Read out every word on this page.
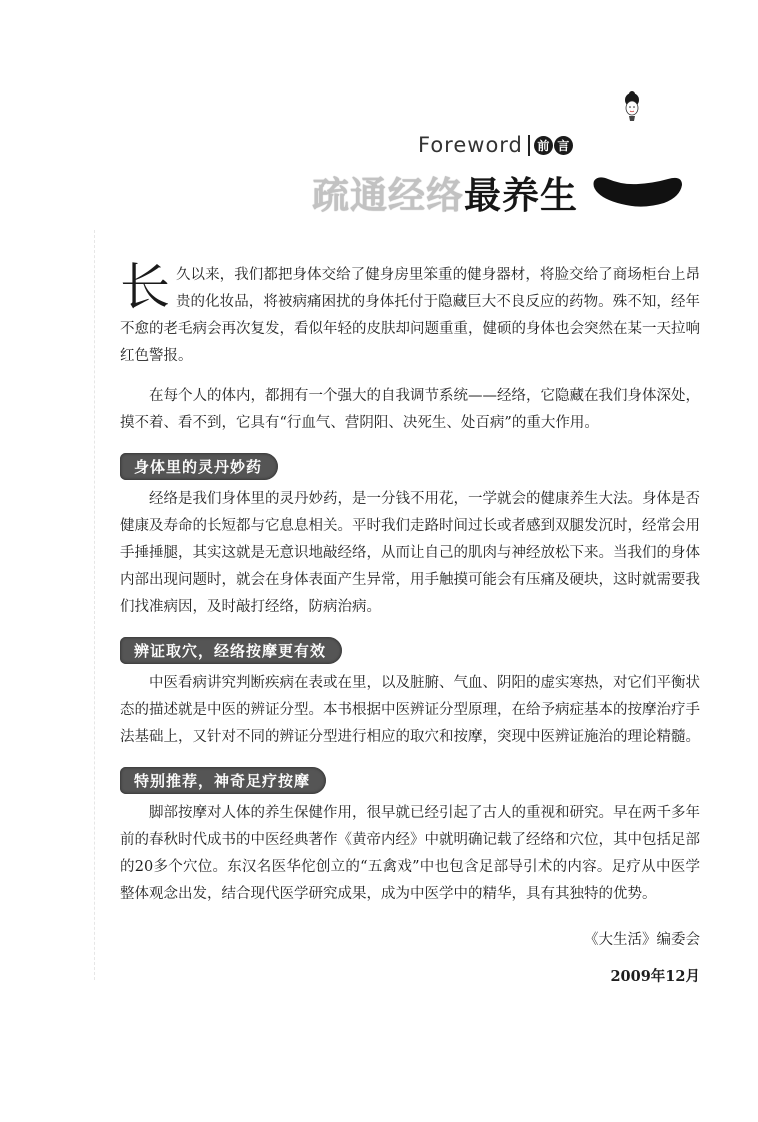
Foreword 前 言
疏通经络最养生

长久以来，我们都把身体交给了健身房里笨重的健身器材，将脸交给了商场柜台上昂贵的化妆品，将被病痛困扰的身体托付于隐藏巨大不良反应的药物。殊不知，经年不愈的老毛病会再次复发，看似年轻的皮肤却问题重重，健硕的身体也会突然在某一天拉响红色警报。

在每个人的体内，都拥有一个强大的自我调节系统——经络，它隐藏在我们身体深处，摸不着、看不到，它具有“行血气、营阴阳、决死生、处百病”的重大作用。

身体里的灵丹妙药

经络是我们身体里的灵丹妙药，是一分钱不用花，一学就会的健康养生大法。身体是否健康及寿命的长短都与它息息相关。平时我们走路时间过长或者感到双腿发沉时，经常会用手捶捶腿，其实这就是无意识地敲经络，从而让自己的肌肉与神经放松下来。当我们的身体内部出现问题时，就会在身体表面产生异常，用手触摸可能会有压痛及硬块，这时就需要我们找准病因，及时敲打经络，防病治病。

辨证取穴，经络按摩更有效

中医看病讲究判断疾病在表或在里，以及脏腑、气血、阴阳的虚实寒热，对它们平衡状态的描述就是中医的辨证分型。本书根据中医辨证分型原理，在给予病症基本的按摩治疗手法基础上，又针对不同的辨证分型进行相应的取穴和按摩，突现中医辨证施治的理论精髓。

特别推荐，神奇足疗按摩

脚部按摩对人体的养生保健作用，很早就已经引起了古人的重视和研究。早在两千多年前的春秋时代成书的中医经典著作《黄帝内经》中就明确记载了经络和穴位，其中包括足部的20多个穴位。东汉名医华佗创立的“五禽戏”中也包含足部导引术的内容。足疗从中医学整体观念出发，结合现代医学研究成果，成为中医学中的精华，具有其独特的优势。

《大生活》编委会
2009年12月
